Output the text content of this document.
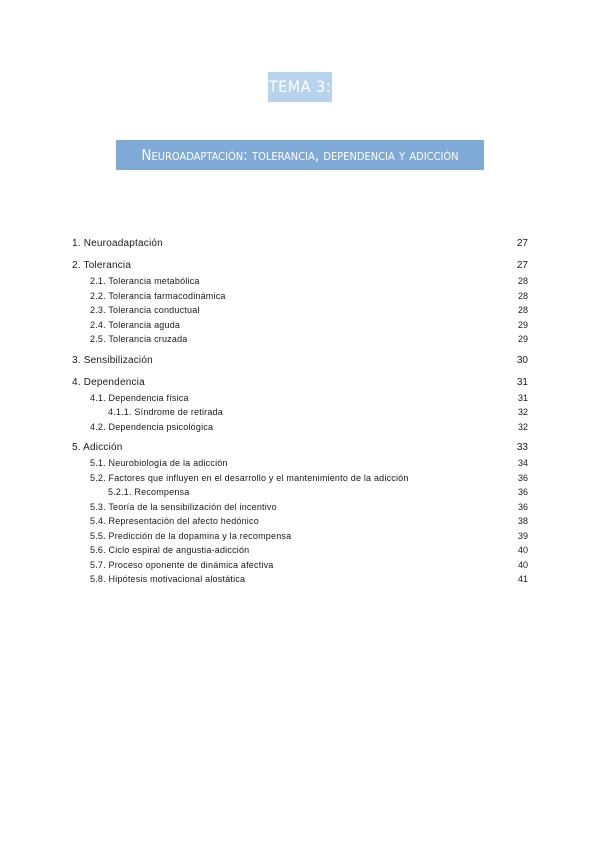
TEMA 3:
Neuroadaptación: tolerancia, dependencia y adicción
1. Neuroadaptación	27
2. Tolerancia	27
2.1. Tolerancia metabólica	28
2.2. Tolerancia farmacodinámica	28
2.3. Tolerancia conductual	28
2.4. Tolerancia aguda	29
2.5. Tolerancia cruzada	29
3. Sensibilización	30
4. Dependencia	31
4.1. Dependencia física	31
4.1.1. Síndrome de retirada	32
4.2. Dependencia psicológica	32
5. Adicción	33
5.1. Neurobiología de la adicción	34
5.2. Factores que influyen en el desarrollo y el mantenimiento de la adicción	36
5.2.1. Recompensa	36
5.3. Teoría de la sensibilización del incentivo	36
5.4. Representación del afecto hedónico	38
5.5. Predicción de la dopamina y la recompensa	39
5.6. Ciclo espiral de angustia-adicción	40
5.7. Proceso oponente de dinámica afectiva	40
5.8. Hipótesis motivacional alostática	41
